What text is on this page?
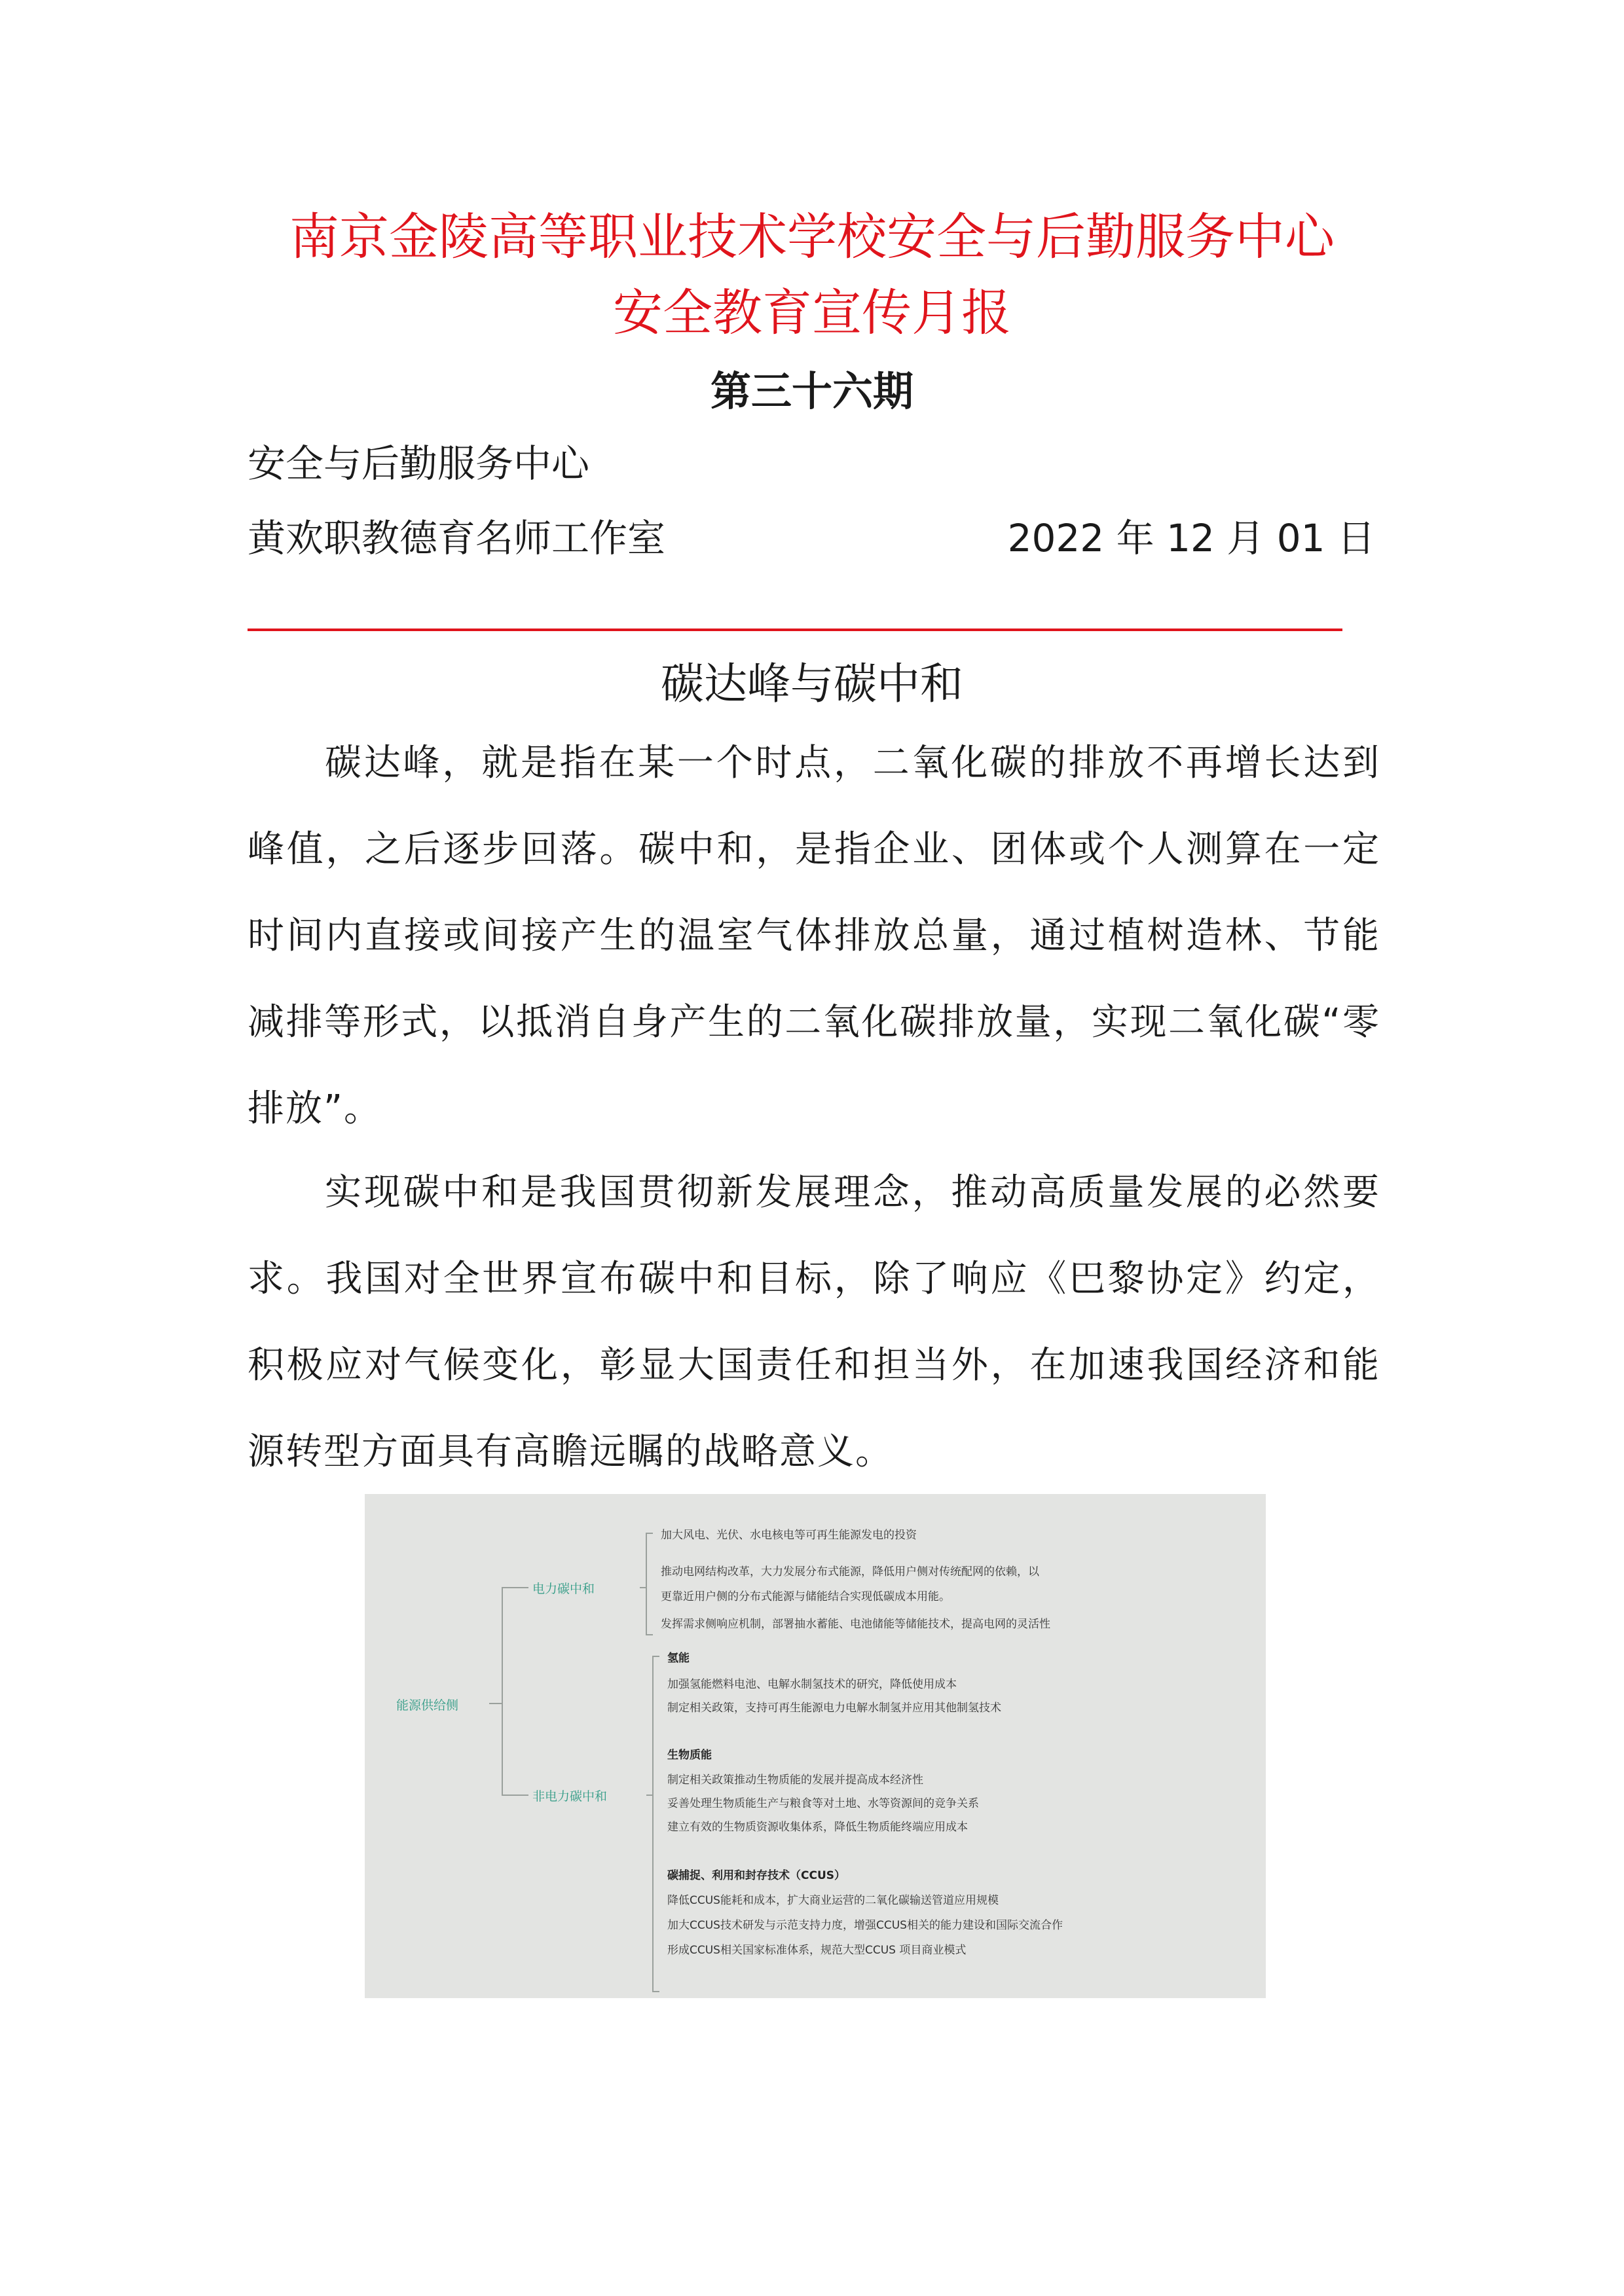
南京金陵高等职业技术学校安全与后勤服务中心
安全教育宣传月报
第三十六期
安全与后勤服务中心
黄欢职教德育名师工作室	2022 年 12 月 01 日
碳达峰与碳中和

碳达峰，就是指在某一个时点，二氧化碳的排放不再增长达到峰值，之后逐步回落。碳中和，是指企业、团体或个人测算在一定时间内直接或间接产生的温室气体排放总量，通过植树造林、节能减排等形式，以抵消自身产生的二氧化碳排放量，实现二氧化碳“零排放”。

实现碳中和是我国贯彻新发展理念，推动高质量发展的必然要求。我国对全世界宣布碳中和目标，除了响应《巴黎协定》约定，积极应对气候变化，彰显大国责任和担当外，在加速我国经济和能源转型方面具有高瞻远瞩的战略意义。

能源供给侧
电力碳中和
非电力碳中和
加大风电、光伏、水电核电等可再生能源发电的投资
推动电网结构改革，大力发展分布式能源，降低用户侧对传统配网的依赖，以
更靠近用户侧的分布式能源与储能结合实现低碳成本用能。
发挥需求侧响应机制，部署抽水蓄能、电池储能等储能技术，提高电网的灵活性
氢能
加强氢能燃料电池、电解水制氢技术的研究，降低使用成本
制定相关政策，支持可再生能源电力电解水制氢并应用其他制氢技术
生物质能
制定相关政策推动生物质能的发展并提高成本经济性
妥善处理生物质能生产与粮食等对土地、水等资源间的竞争关系
建立有效的生物质资源收集体系，降低生物质能终端应用成本
碳捕捉、利用和封存技术（CCUS）
降低CCUS能耗和成本，扩大商业运营的二氧化碳输送管道应用规模
加大CCUS技术研发与示范支持力度，增强CCUS相关的能力建设和国际交流合作
形成CCUS相关国家标准体系，规范大型CCUS 项目商业模式
